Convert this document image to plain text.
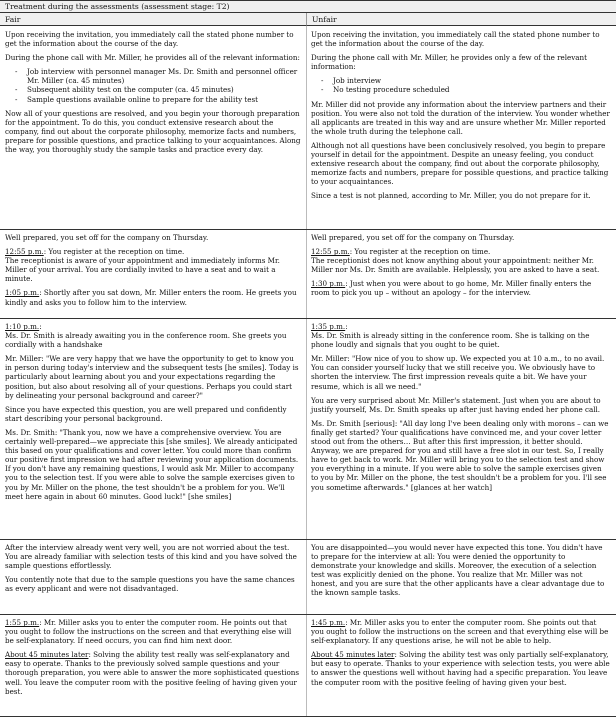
Treatment during the assessments (assessment stage: T2)
Fair	Unfair

Upon receiving the invitation, you immediately call the stated phone number to get the information about the course of the day.

During the phone call with Mr. Miller, he provides all of the relevant information:

- Job interview with personnel manager Ms. Dr. Smith and personnel officer Mr. Miller (ca. 45 minutes)
- Subsequent ability test on the computer (ca. 45 minutes)
- Sample questions available online to prepare for the ability test

Now all of your questions are resolved, and you begin your thorough preparation for the appointment. To do this, you conduct extensive research about the company, find out about the corporate philosophy, memorize facts and numbers, prepare for possible questions, and practice talking to your acquaintances. Along the way, you thoroughly study the sample tasks and practice every day.

Upon receiving the invitation, you immediately call the stated phone number to get the information about the course of the day.

During the phone call with Mr. Miller, he provides only a few of the relevant information:

- Job interview
- No testing procedure scheduled

Mr. Miller did not provide any information about the interview partners and their position. You were also not told the duration of the interview. You wonder whether all applicants are treated in this way and are unsure whether Mr. Miller reported the whole truth during the telephone call.

Although not all questions have been conclusively resolved, you begin to prepare yourself in detail for the appointment. Despite an uneasy feeling, you conduct extensive research about the company, find out about the corporate philosophy, memorize facts and numbers, prepare for possible questions, and practice talking to your acquaintances.

Since a test is not planned, according to Mr. Miller, you do not prepare for it.

Well prepared, you set off for the company on Thursday.

12:55 p.m.: You register at the reception on time.

The receptionist is aware of your appointment and immediately informs Mr. Miller of your arrival. You are cordially invited to have a seat and to wait a minute.

1:05 p.m.: Shortly after you sat down, Mr. Miller enters the room. He greets you kindly and asks you to follow him to the interview.

Well prepared, you set off for the company on Thursday.

12:55 p.m.: You register at the reception on time.

The receptionist does not know anything about your appointment: neither Mr. Miller nor Ms. Dr. Smith are available. Helplessly, you are asked to have a seat.

1:30 p.m.: Just when you were about to go home, Mr. Miller finally enters the room to pick you up – without an apology – for the interview.

1:10 p.m.:

Ms. Dr. Smith is already awaiting you in the conference room. She greets you cordially with a handshake

Mr. Miller: "We are very happy that we have the opportunity to get to know you in person during today's interview and the subsequent tests [he smiles]. Today is particularly about learning about you and your expectations regarding the position, but also about resolving all of your questions. Perhaps you could start by delineating your personal background and career?"

Since you have expected this question, you are well prepared und confidently start describing your personal background.

Ms. Dr. Smith: "Thank you, now we have a comprehensive overview. You are certainly well-prepared—we appreciate this [she smiles]. We already anticipated this based on your qualifications and cover letter. You could more than confirm our positive first impression we had after reviewing your application documents. If you don't have any remaining questions, I would ask Mr. Miller to accompany you to the selection test. If you were able to solve the sample exercises given to you by Mr. Miller on the phone, the test shouldn't be a problem for you. We'll meet here again in about 60 minutes. Good luck!" [she smiles]

1:35 p.m.:

Ms. Dr. Smith is already sitting in the conference room. She is talking on the phone loudly and signals that you ought to be quiet.

Mr. Miller: "How nice of you to show up. We expected you at 10 a.m., to no avail. You can consider yourself lucky that we still receive you. We obviously have to shorten the interview. The first impression reveals quite a bit. We have your resume, which is all we need."

You are very surprised about Mr. Miller's statement. Just when you are about to justify yourself, Ms. Dr. Smith speaks up after just having ended her phone call.

Ms. Dr. Smith [serious]: "All day long I've been dealing only with morons – can we finally get started? Your qualifications have convinced me, and your cover letter stood out from the others… But after this first impression, it better should. Anyway, we are prepared for you and still have a free slot in our test. So, I really have to get back to work. Mr. Miller will bring you to the selection test and show you everything in a minute. If you were able to solve the sample exercises given to you by Mr. Miller on the phone, the test shouldn't be a problem for you. I'll see you sometime afterwards." [glances at her watch]

After the interview already went very well, you are not worried about the test. You are already familiar with selection tests of this kind and you have solved the sample questions effortlessly.

You contently note that due to the sample questions you have the same chances as every applicant and were not disadvantaged.

You are disappointed—you would never have expected this tone. You didn't have to prepare for the interview at all: You were denied the opportunity to demonstrate your knowledge and skills. Moreover, the execution of a selection test was explicitly denied on the phone. You realize that Mr. Miller was not honest, and you are sure that the other applicants have a clear advantage due to the known sample tasks.

1:55 p.m.: Mr. Miller asks you to enter the computer room. He points out that you ought to follow the instructions on the screen and that everything else will be self-explanatory. If need occurs, you can find him next door.

About 45 minutes later: Solving the ability test really was self-explanatory and easy to operate. Thanks to the previously solved sample questions and your thorough preparation, you were able to answer the more sophisticated questions well. You leave the computer room with the positive feeling of having given your best.

1:45 p.m.: Mr. Miller asks you to enter the computer room. She points out that you ought to follow the instructions on the screen and that everything else will be self-explanatory. If any questions arise, he will not be able to help.

About 45 minutes later: Solving the ability test was only partially self-explanatory, but easy to operate. Thanks to your experience with selection tests, you were able to answer the questions well without having had a specific preparation. You leave the computer room with the positive feeling of having given your best.
